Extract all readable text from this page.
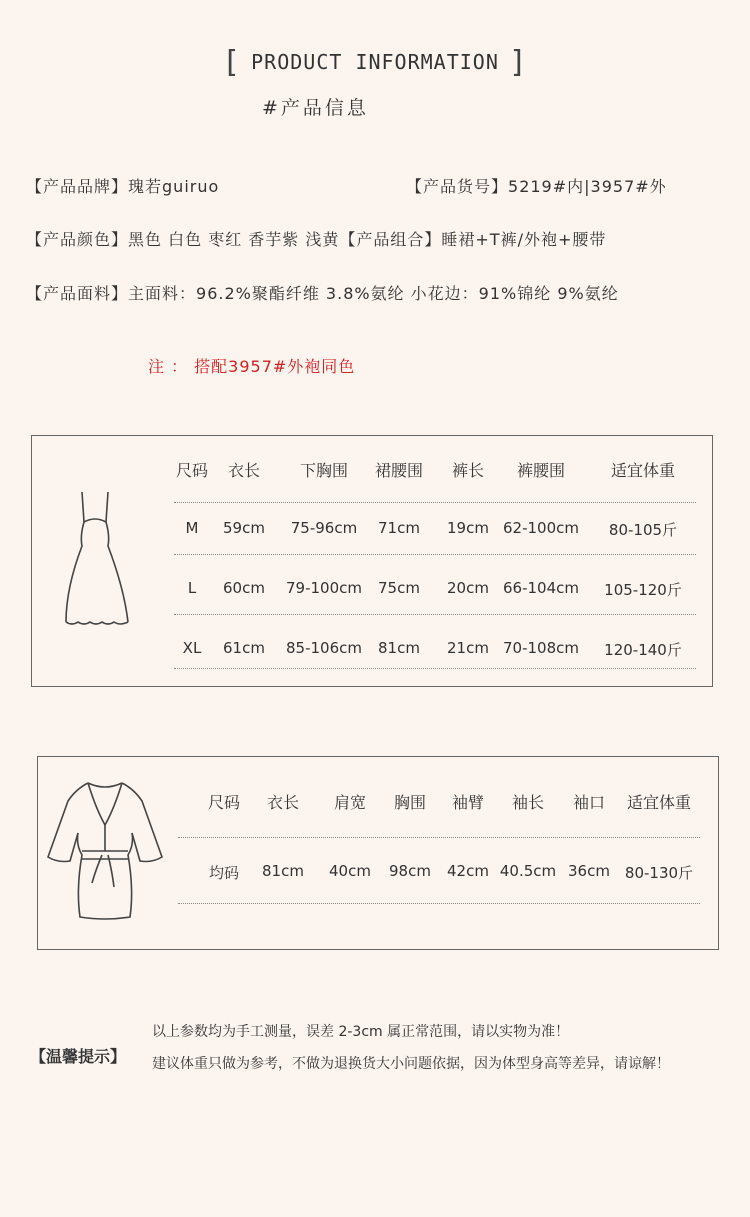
[ PRODUCT INFORMATION ]
#产品信息
【产品品牌】瑰若guiruo	【产品货号】5219#内|3957#外
【产品颜色】黑色 白色 枣红 香芋紫 浅黄【产品组合】睡裙+T裤/外袍+腰带
【产品面料】主面料：96.2%聚酯纤维 3.8%氨纶 小花边：91%锦纶 9%氨纶
注 ： 搭配3957#外袍同色
尺码	衣长	下胸围	裙腰围	裤长	裤腰围	适宜体重
M	59cm	75-96cm	71cm	19cm 62-100cm	80-105斤
L	60cm	79-100cm	75cm	20cm 66-104cm	105-120斤
XL	61cm	85-106cm	81cm	21cm 70-108cm	120-140斤
尺码	衣长	肩宽	胸围	袖臂	袖长	袖口	适宜体重
均码	81cm	40cm	98cm	42cm 40.5cm 36cm 80-130斤
【温馨提示】
以上参数均为手工测量，误差 2-3cm 属正常范围，请以实物为准！
建议体重只做为参考，不做为退换货大小问题依据，因为体型身高等差异，请谅解！
